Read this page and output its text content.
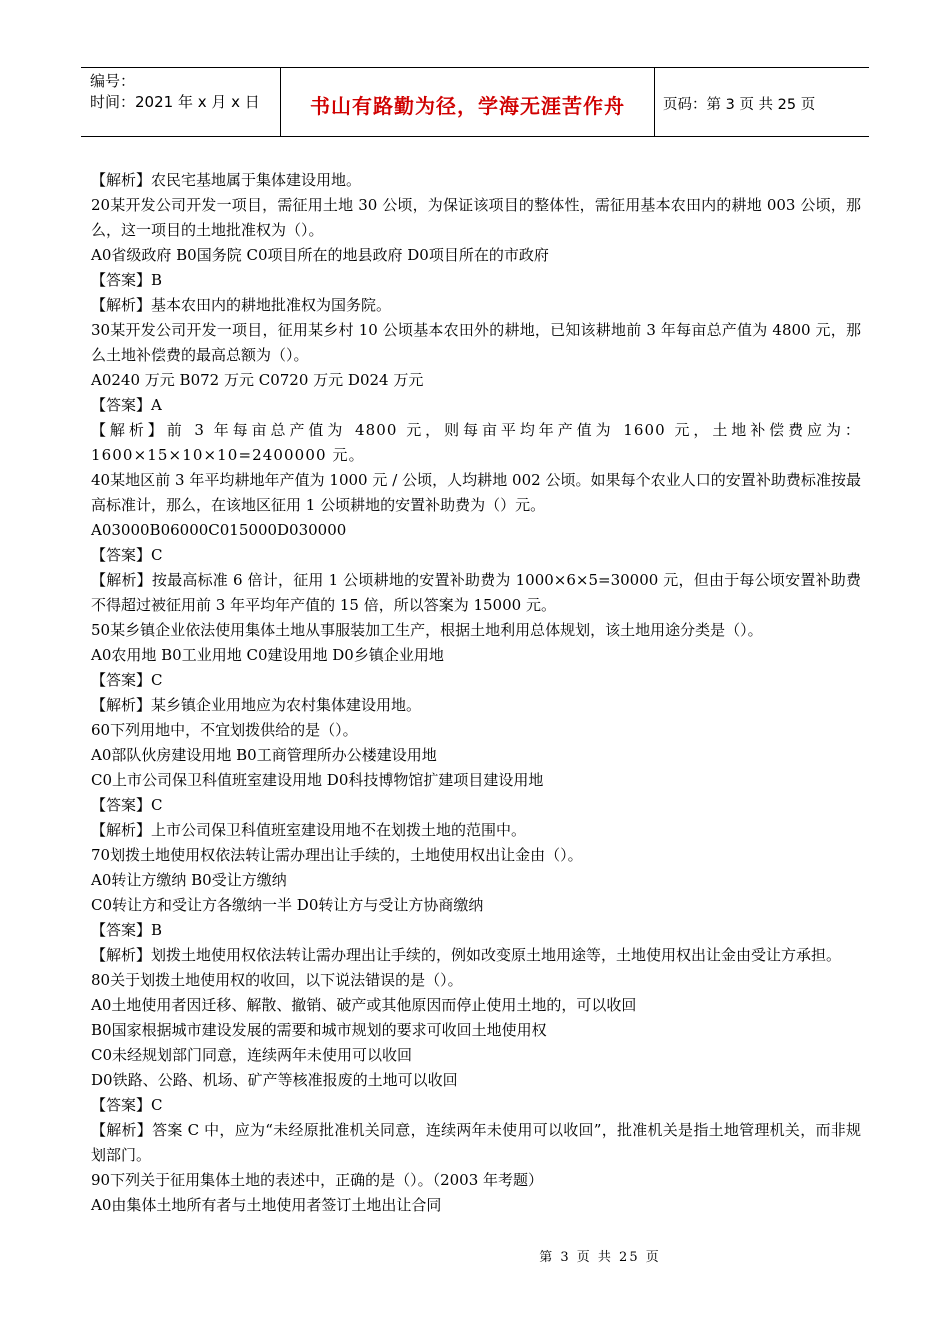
编号：
时间：2021 年 x 月 x 日	书山有路勤为径，学海无涯苦作舟	页码：第 3 页 共 25 页

【解析】农民宅基地属于集体建设用地。

20某开发公司开发一项目，需征用土地 30 公顷，为保证该项目的整体性，需征用基本农田内的耕地 003 公顷，那么，这一项目的土地批准权为（）。

A0省级政府 B0国务院 C0项目所在的地县政府 D0项目所在的市政府

【答案】B

【解析】基本农田内的耕地批准权为国务院。

30某开发公司开发一项目，征用某乡村 10 公顷基本农田外的耕地，已知该耕地前 3 年每亩总产值为 4800 元，那么土地补偿费的最高总额为（）。

A0240 万元 B072 万元 C0720 万元 D024 万元

【答案】A

【解析】前 3 年每亩总产值为 4800 元，则每亩平均年产值为 1600 元，土地补偿费应为：1600×15×10×10=2400000 元。

40某地区前 3 年平均耕地年产值为 1000 元 / 公顷，人均耕地 002 公顷。如果每个农业人口的安置补助费标准按最高标准计，那么，在该地区征用 1 公顷耕地的安置补助费为（）元。

A03000B06000C015000D030000

【答案】C

【解析】按最高标准 6 倍计，征用 1 公顷耕地的安置补助费为 1000×6×5=30000 元，但由于每公顷安置补助费不得超过被征用前 3 年平均年产值的 15 倍，所以答案为 15000 元。

50某乡镇企业依法使用集体土地从事服装加工生产，根据土地利用总体规划，该土地用途分类是（）。

A0农用地 B0工业用地 C0建设用地 D0乡镇企业用地

【答案】C

【解析】某乡镇企业用地应为农村集体建设用地。

60下列用地中，不宜划拨供给的是（）。

A0部队伙房建设用地 B0工商管理所办公楼建设用地

C0上市公司保卫科值班室建设用地 D0科技博物馆扩建项目建设用地

【答案】C

【解析】上市公司保卫科值班室建设用地不在划拨土地的范围中。

70划拨土地使用权依法转让需办理出让手续的，土地使用权出让金由（）。

A0转让方缴纳 B0受让方缴纳

C0转让方和受让方各缴纳一半 D0转让方与受让方协商缴纳

【答案】B

【解析】划拨土地使用权依法转让需办理出让手续的，例如改变原土地用途等，土地使用权出让金由受让方承担。

80关于划拨土地使用权的收回，以下说法错误的是（）。

A0土地使用者因迁移、解散、撤销、破产或其他原因而停止使用土地的，可以收回

B0国家根据城市建设发展的需要和城市规划的要求可收回土地使用权

C0未经规划部门同意，连续两年未使用可以收回

D0铁路、公路、机场、矿产等核准报废的土地可以收回

【答案】C

【解析】答案 C 中，应为“未经原批准机关同意，连续两年未使用可以收回”，批准机关是指土地管理机关，而非规划部门。

90下列关于征用集体土地的表述中，正确的是（）。（2003 年考题）

A0由集体土地所有者与土地使用者签订土地出让合同

第 3 页 共 25 页
